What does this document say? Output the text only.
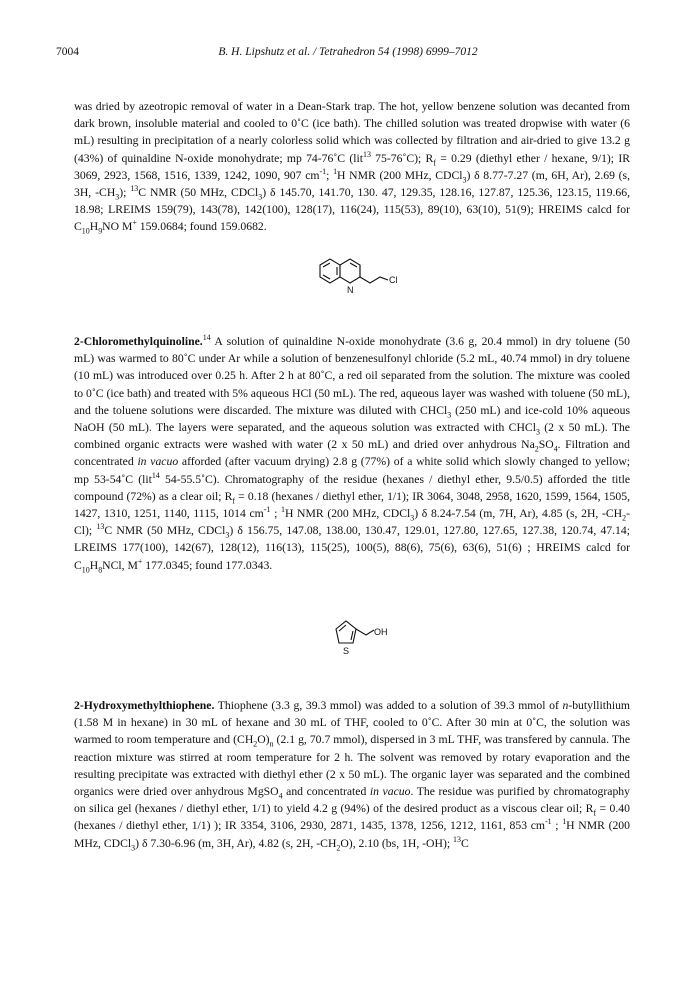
7004	B. H. Lipshutz et al. / Tetrahedron 54 (1998) 6999–7012

was dried by azeotropic removal of water in a Dean-Stark trap. The hot, yellow benzene solution was decanted from dark brown, insoluble material and cooled to 0˚C (ice bath). The chilled solution was treated dropwise with water (6 mL) resulting in precipitation of a nearly colorless solid which was collected by filtration and air-dried to give 13.2 g (43%) of quinaldine N-oxide monohydrate; mp 74-76˚C (lit$^{13}$ 75-76˚C); $R_f = 0.29$ (diethyl ether / hexane, 9/1); IR 3069, 2923, 1568, 1516, 1339, 1242, 1090, 907 $cm^{-1}$; $^1$H NMR (200 MHz, CDCl$_3$) δ 8.77-7.27 (m, 6H, Ar), 2.69 (s, 3H, $-CH_3$); $^{13}$C NMR (50 MHz, CDCl$_3$) δ 145.70, 141.70, 130. 47, 129.35, 128.16, 127.87, 125.36, 123.15, 119.66, 18.98; LREIMS 159(79), 143(78), 142(100), 128(17), 116(24), 115(53), 89(10), 63(10), 51(9); HREIMS calcd for $C_{10}H_9NO$ M+ 159.0684; found 159.0682.

N
Cl

2-Chloromethylquinoline.$^{14}$ A solution of quinaldine N-oxide monohydrate (3.6 g, 20.4 mmol) in dry toluene (50 mL) was warmed to 80˚C under Ar while a solution of benzenesulfonyl chloride (5.2 mL, 40.74 mmol) in dry toluene (10 mL) was introduced over 0.25 h. After 2 h at 80˚C, a red oil separated from the solution. The mixture was cooled to 0˚C (ice bath) and treated with 5% aqueous HCl (50 mL). The red, aqueous layer was washed with toluene (50 mL), and the toluene solutions were discarded. The mixture was diluted with CHCl$_3$ (250 mL) and ice-cold 10% aqueous NaOH (50 mL). The layers were separated, and the aqueous solution was extracted with CHCl$_3$ (2 x 50 mL). The combined organic extracts were washed with water (2 x 50 mL) and dried over anhydrous $Na_2SO_4$. Filtration and concentrated in vacuo afforded (after vacuum drying) 2.8 g (77%) of a white solid which slowly changed to yellow; mp 53-54˚C (lit$^{14}$ 54-55.5˚C). Chromatography of the residue (hexanes / diethyl ether, 9.5/0.5) afforded the title compound (72%) as a clear oil; $R_f = 0.18$ (hexanes / diethyl ether, 1/1); IR 3064, 3048, 2958, 1620, 1599, 1564, 1505, 1427, 1310, 1251, 1140, 1115, 1014 $cm^{-1}$ ; $^1$H NMR (200 MHz, CDCl$_3$) δ 8.24-7.54 (m, 7H, Ar), 4.85 (s, 2H, $-CH_2-Cl$); $^{13}$C NMR (50 MHz, CDCl$_3$) δ 156.75, 147.08, 138.00, 130.47, 129.01, 127.80, 127.65, 127.38, 120.74, 47.14; LREIMS 177(100), 142(67), 128(12), 116(13), 115(25), 100(5), 88(6), 75(6), 63(6), 51(6) ; HREIMS calcd for $C_{10}H_8NCl$, M+ 177.0345; found 177.0343.

S
OH

2-Hydroxymethylthiophene. Thiophene (3.3 g, 39.3 mmol) was added to a solution of 39.3 mmol of n-butyllithium (1.58 M in hexane) in 30 mL of hexane and 30 mL of THF, cooled to 0˚C. After 30 min at 0˚C, the solution was warmed to room temperature and $(CH_2O)_n$ (2.1 g, 70.7 mmol), dispersed in 3 mL THF, was transfered by cannula. The reaction mixture was stirred at room temperature for 2 h. The solvent was removed by rotary evaporation and the resulting precipitate was extracted with diethyl ether (2 x 50 mL). The organic layer was separated and the combined organics were dried over anhydrous MgSO$_4$ and concentrated in vacuo. The residue was purified by chromatography on silica gel (hexanes / diethyl ether, 1/1) to yield 4.2 g (94%) of the desired product as a viscous clear oil; $R_f = 0.40$ (hexanes / diethyl ether, 1/1) ); IR 3354, 3106, 2930, 2871, 1435, 1378, 1256, 1212, 1161, 853 $cm^{-1}$ ; $^1$H NMR (200 MHz, CDCl$_3$) δ 7.30-6.96 (m, 3H, Ar), 4.82 (s, 2H, $-CH_2O$), 2.10 (bs, 1H, -OH); $^{13}$C
